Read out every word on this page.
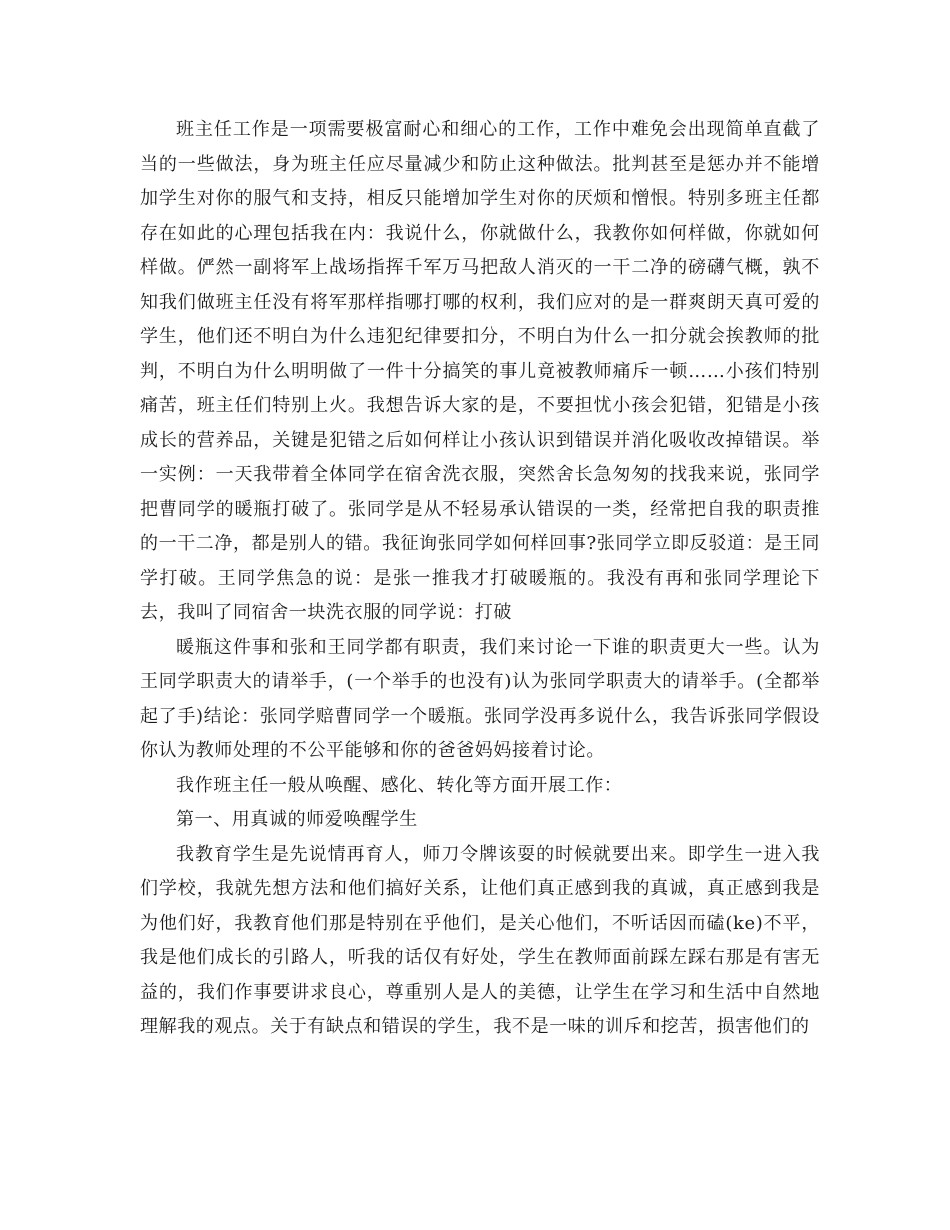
班主任工作是一项需要极富耐心和细心的工作，工作中难免会出现简单直截了当的一些做法，身为班主任应尽量减少和防止这种做法。批判甚至是惩办并不能增加学生对你的服气和支持，相反只能增加学生对你的厌烦和憎恨。特别多班主任都存在如此的心理包括我在内：我说什么，你就做什么，我教你如何样做，你就如何样做。俨然一副将军上战场指挥千军万马把敌人消灭的一干二净的磅礴气概，孰不知我们做班主任没有将军那样指哪打哪的权利，我们应对的是一群爽朗天真可爱的学生，他们还不明白为什么违犯纪律要扣分，不明白为什么一扣分就会挨教师的批判，不明白为什么明明做了一件十分搞笑的事儿竟被教师痛斥一顿……小孩们特别痛苦，班主任们特别上火。我想告诉大家的是，不要担忧小孩会犯错，犯错是小孩成长的营养品，关键是犯错之后如何样让小孩认识到错误并消化吸收改掉错误。举一实例：一天我带着全体同学在宿舍洗衣服，突然舍长急匆匆的找我来说，张同学把曹同学的暖瓶打破了。张同学是从不轻易承认错误的一类，经常把自我的职责推的一干二净，都是别人的错。我征询张同学如何样回事?张同学立即反驳道：是王同学打破。王同学焦急的说：是张一推我才打破暖瓶的。我没有再和张同学理论下去，我叫了同宿舍一块洗衣服的同学说：打破

暖瓶这件事和张和王同学都有职责，我们来讨论一下谁的职责更大一些。认为王同学职责大的请举手，(一个举手的也没有)认为张同学职责大的请举手。(全都举起了手)结论：张同学赔曹同学一个暖瓶。张同学没再多说什么，我告诉张同学假设你认为教师处理的不公平能够和你的爸爸妈妈接着讨论。

我作班主任一般从唤醒、感化、转化等方面开展工作：

第一、用真诚的师爱唤醒学生

我教育学生是先说情再育人，师刀令牌该耍的时候就要出来。即学生一进入我们学校，我就先想方法和他们搞好关系，让他们真正感到我的真诚，真正感到我是为他们好，我教育他们那是特别在乎他们，是关心他们，不听话因而磕(ke)不平，我是他们成长的引路人，听我的话仅有好处，学生在教师面前踩左踩右那是有害无益的，我们作事要讲求良心，尊重别人是人的美德，让学生在学习和生活中自然地理解我的观点。关于有缺点和错误的学生，我不是一味的训斥和挖苦，损害他们的
